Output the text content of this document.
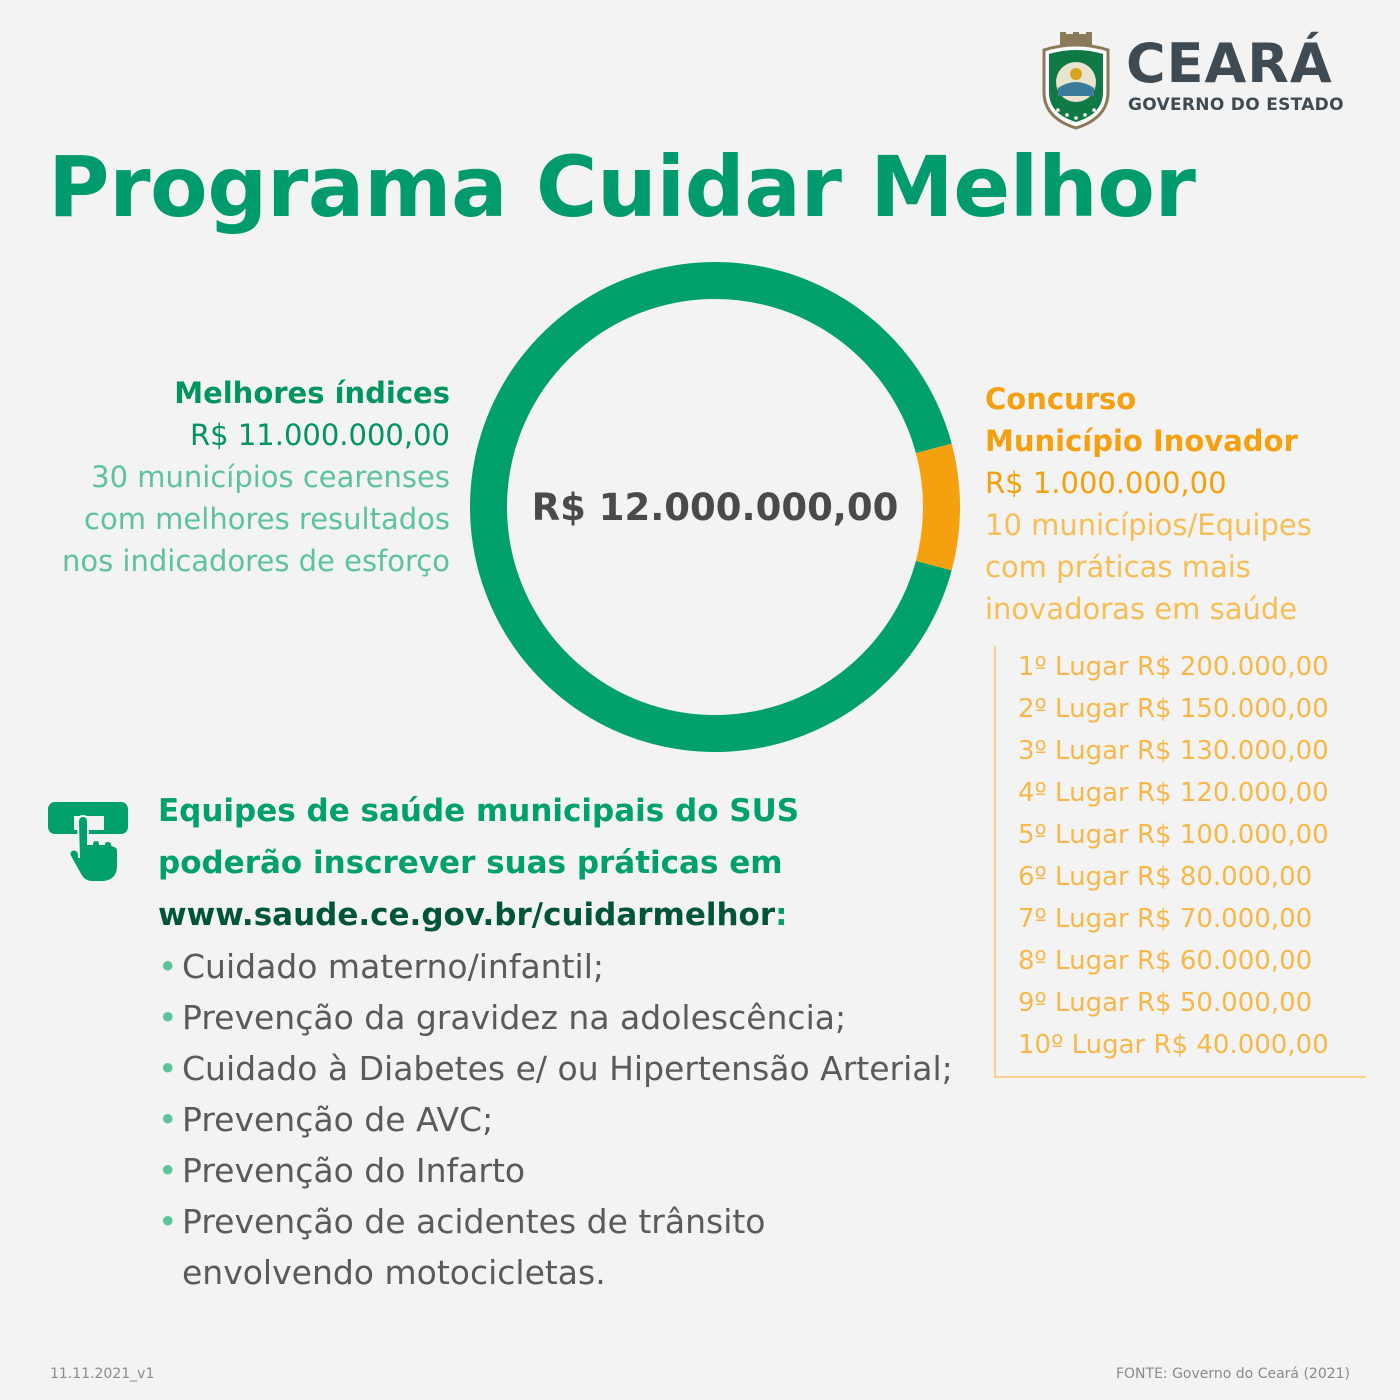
CEARÁ
GOVERNO DO ESTADO
Programa Cuidar Melhor
R$ 12.000.000,00
Melhores índices
R$ 11.000.000,00
30 municípios cearenses
com melhores resultados
nos indicadores de esforço
Concurso
Município Inovador
R$ 1.000.000,00
10 municípios/Equipes
com práticas mais
inovadoras em saúde
1º Lugar R$ 200.000,00
2º Lugar R$ 150.000,00
3º Lugar R$ 130.000,00
4º Lugar R$ 120.000,00
5º Lugar R$ 100.000,00
6º Lugar R$ 80.000,00
7º Lugar R$ 70.000,00
8º Lugar R$ 60.000,00
9º Lugar R$ 50.000,00
10º Lugar R$ 40.000,00
Equipes de saúde municipais do SUS
poderão inscrever suas práticas em
www.saude.ce.gov.br/cuidarmelhor:
• Cuidado materno/infantil;
• Prevenção da gravidez na adolescência;
• Cuidado à Diabetes e/ ou Hipertensão Arterial;
• Prevenção de AVC;
• Prevenção do Infarto
• Prevenção de acidentes de trânsito envolvendo motocicletas.
11.11.2021_v1	FONTE: Governo do Ceará (2021)
